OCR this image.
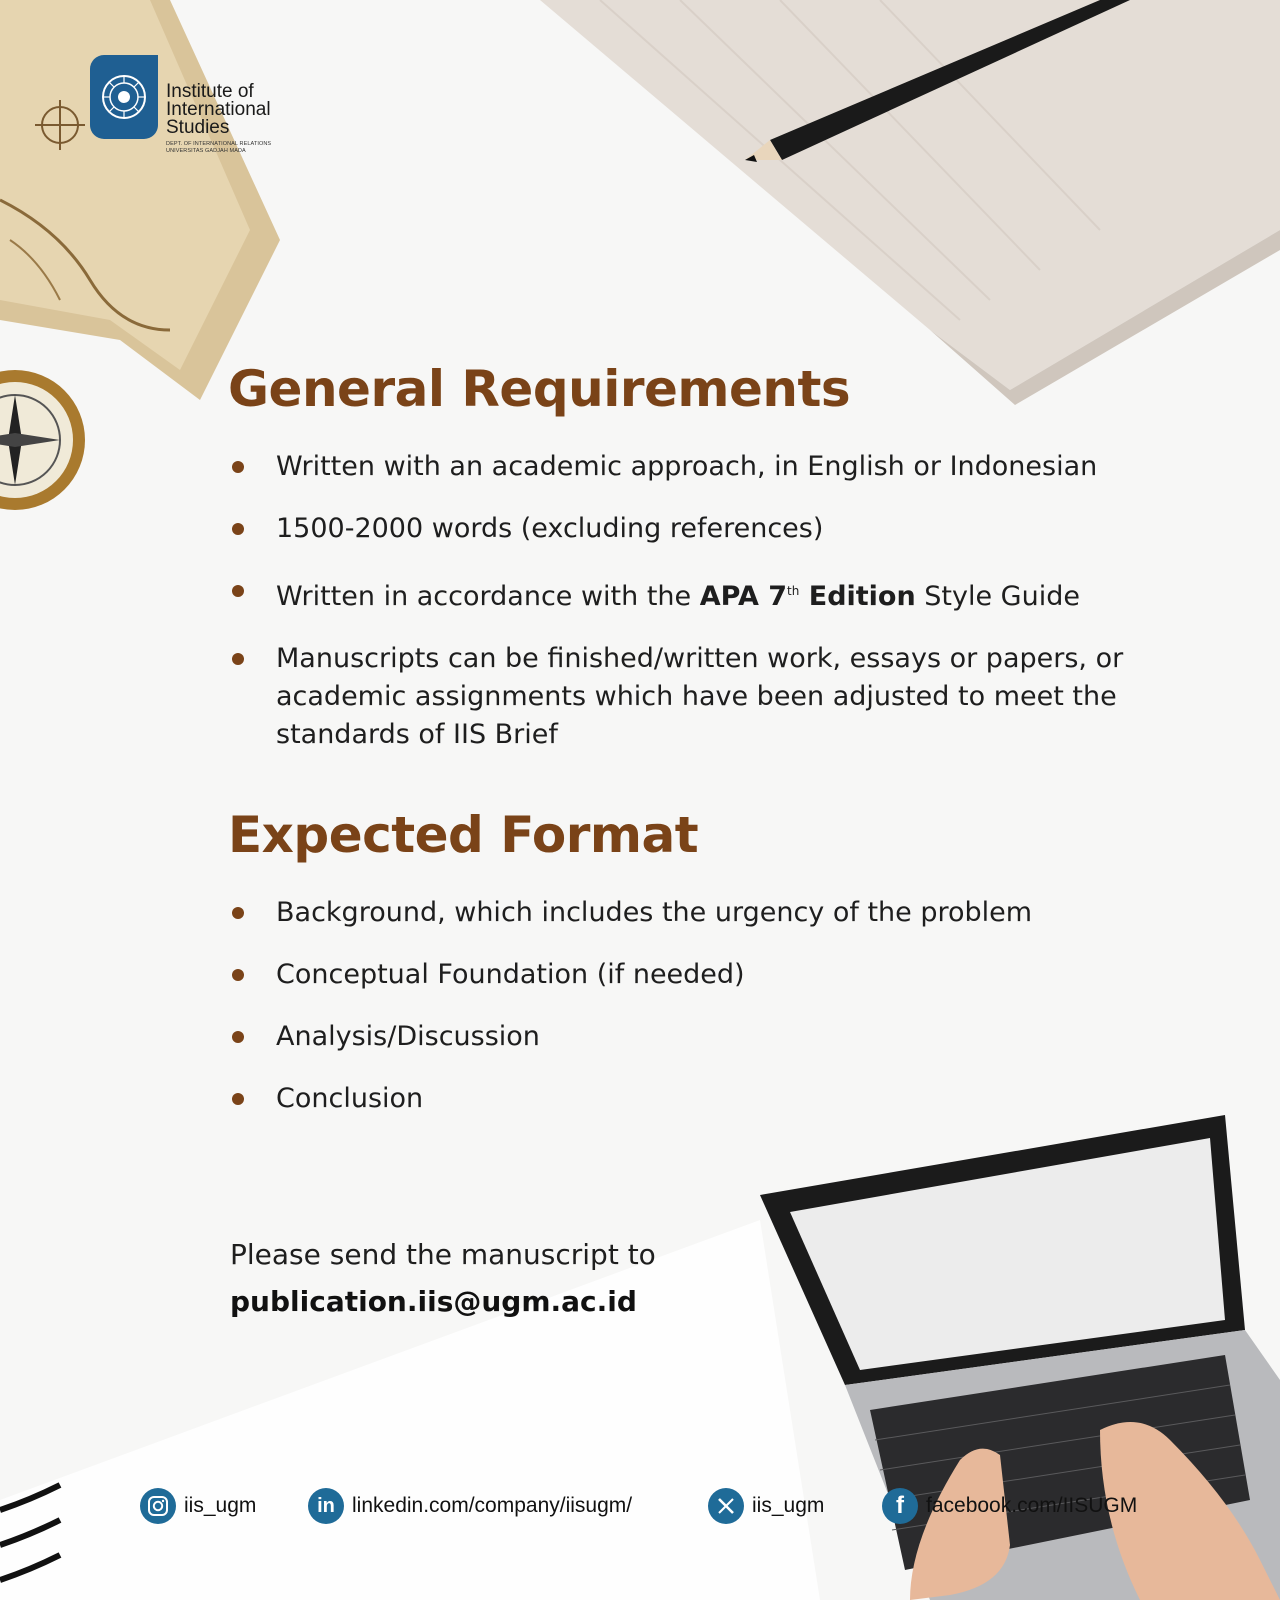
Institute of
International
Studies
DEPT. OF INTERNATIONAL RELATIONS
UNIVERSITAS GADJAH MADA
General Requirements
Written with an academic approach, in English or Indonesian
1500-2000 words (excluding references)
Written in accordance with the APA 7th Edition Style Guide
Manuscripts can be finished/written work, essays or papers, or academic assignments which have been adjusted to meet the standards of IIS Brief
Expected Format
Background, which includes the urgency of the problem
Conceptual Foundation (if needed)
Analysis/Discussion
Conclusion
Please send the manuscript to
publication.iis@ugm.ac.id
iis_ugm	in linkedin.com/company/iisugm/	iis_ugm	f	facebook.com/IISUGM
